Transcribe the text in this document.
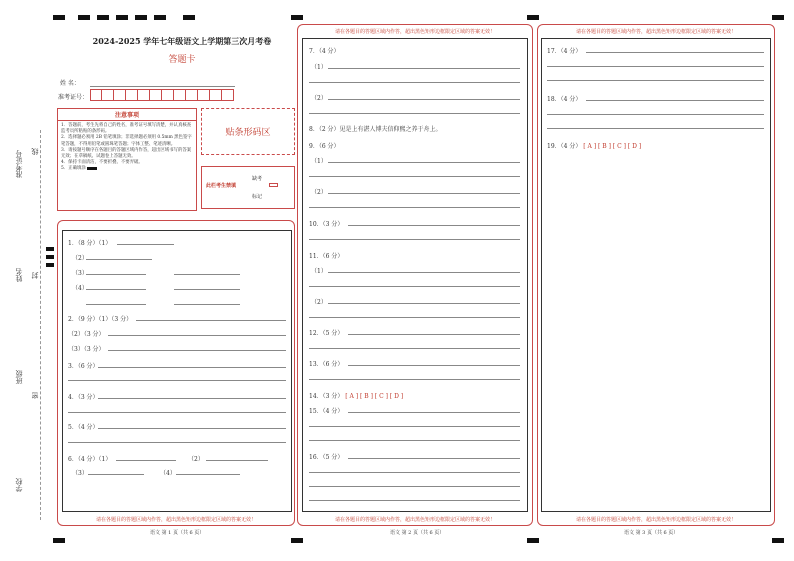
准考证号 线
姓名 封
班级
密
学校
2024-2025 学年七年级语文上学期第三次月考卷
答题卡
姓 名：
准考证号：
注意事项
1．答题前，考生先将自己的姓名，准考证号填写清楚，并认真核查监考员所粘贴的条形码。
2．选择题必须用 2B 铅笔填涂；非选择题必须用 0.5mm 黑色签字笔答题，不得用铅笔或圆珠笔答题；字体工整、笔迹清晰。
3．请按题号顺序在各题目的答题区域内作答，超出区域书写的答案无效；在草稿纸、试题卷上答题无效。
4．保持卡面清洁，不要折叠、不要弄破。
5．正确填涂
贴条形码区
此栏考生禁填
缺考
标记
1．（8 分）（1）
（2）
（3）
（4）
2．（9 分）（1）（3 分）
（2）（3 分）
（3）（3 分）
3．（6 分）
4．（3 分）
5．（4 分）
6．（4 分）（1）	（2）
（3）	（4）
请在各题目的答题区域内作答，超出黑色矩形边框限定区域的答案无效！
语文 第 1 页（共 6 页）
请在各题目的答题区域内作答，超出黑色矩形边框限定区域的答案无效！
7．（4 分）
（1）
（2）
8．（2 分）见是上有湛人博夫信仰熙之养于舟上。
9．（6 分）
（1）
（2）
10．（3 分）
11．（6 分）
（1）
（2）
12．（5 分）
13．（6 分）
14．（3 分） [ A ] [ B ] [ C ] [ D ]
15．（4 分）
16．（5 分）
请在各题目的答题区域内作答，超出黑色矩形边框限定区域的答案无效！
语文 第 2 页（共 6 页）
请在各题目的答题区域内作答，超出黑色矩形边框限定区域的答案无效！
17．（4 分）
18．（4 分）
19．（4 分） [ A ] [ B ] [ C ] [ D ]
请在各题目的答题区域内作答，超出黑色矩形边框限定区域的答案无效！
语文 第 3 页（共 6 页）
